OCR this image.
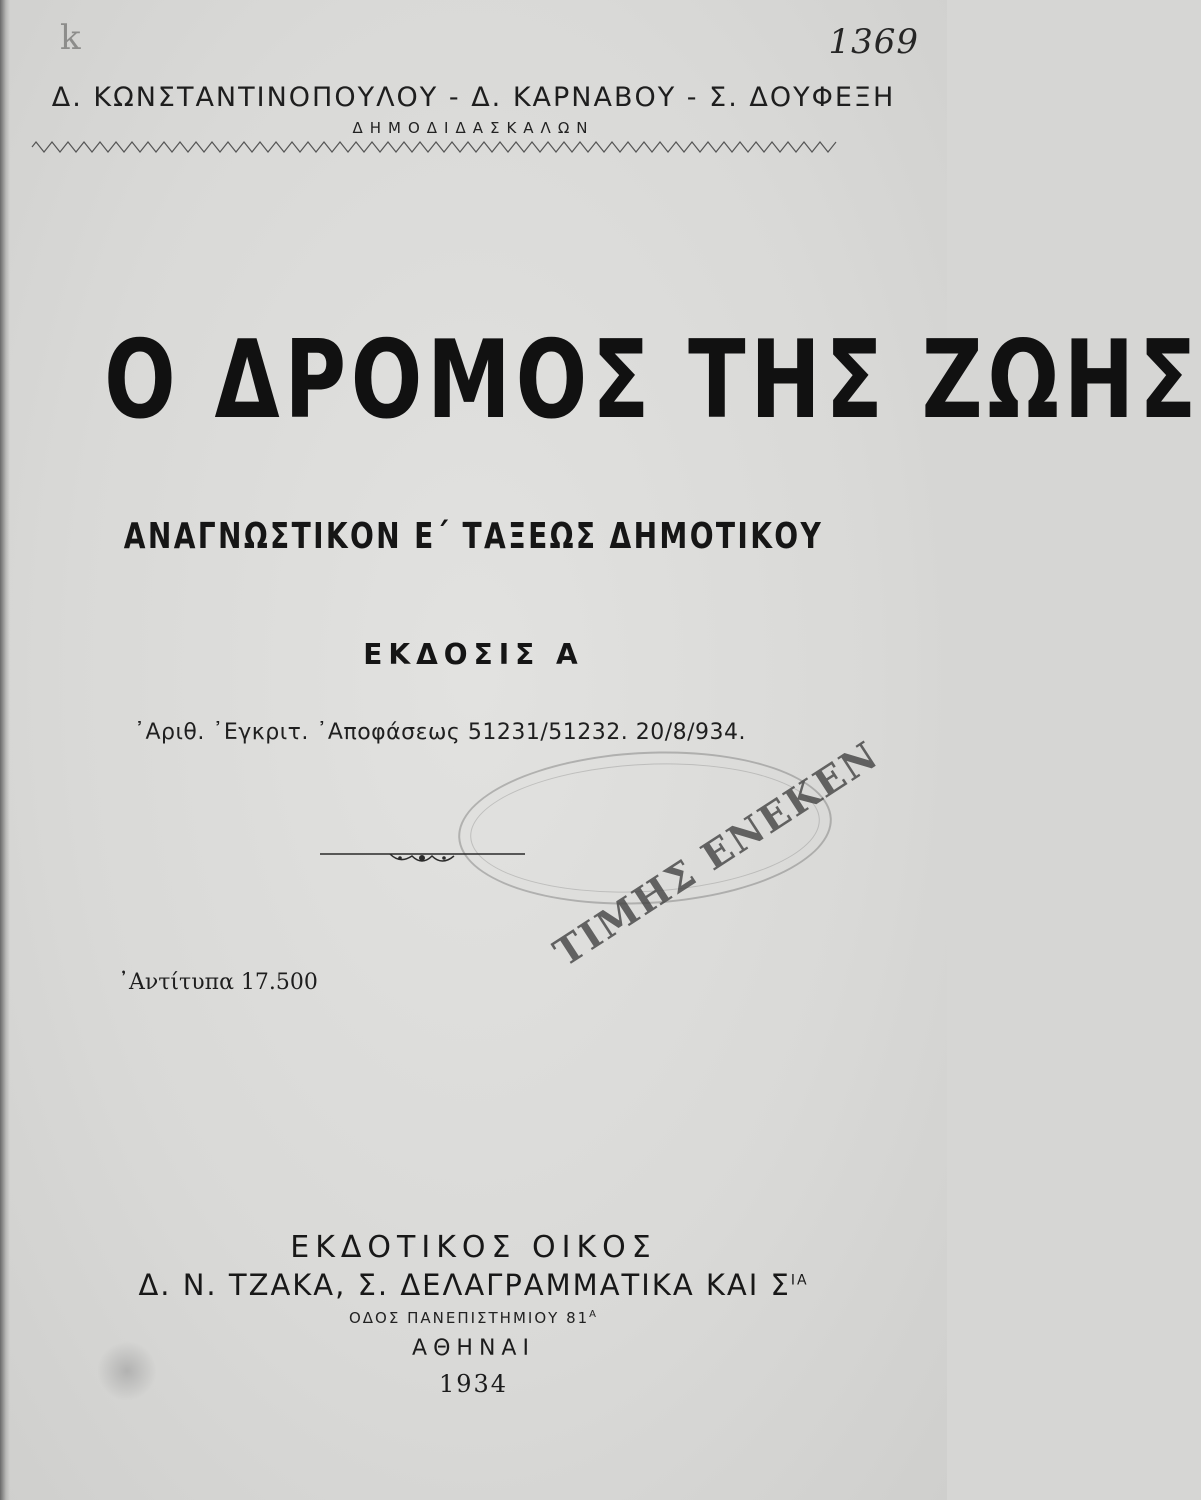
k	1369
Δ. ΚΩΝΣΤΑΝΤΙΝΟΠΟΥΛΟΥ - Δ. ΚΑΡΝΑΒΟΥ - Σ. ΔΟΥΦΕΞΗ
ΔΗΜΟΔΙΔΑΣΚΑΛΩΝ
Ο ΔΡΟΜΟΣ ΤΗΣ ΖΩΗΣ
ΑΝΑΓΝΩΣΤΙΚΟΝ Ε΄ ΤΑΞΕΩΣ ΔΗΜΟΤΙΚΟΥ
ΕΚΔΟΣΙΣ Α
᾿Αριθ. ᾿Εγκριτ. ᾿Αποφάσεως 51231/51232. 20/8/934.
᾿Αντίτυπα 17.500
ΤΙΜΗΣ ΕΝΕΚΕΝ
ΕΚΔΟΤΙΚΟΣ ΟΙΚΟΣ
Δ. Ν. ΤΖΑΚΑ, Σ. ΔΕΛΑΓΡΑΜΜΑΤΙΚΑ ΚΑΙ $\Sigma^{IA}$
ΟΔΟΣ ΠΑΝΕΠΙΣΤΗΜΙΟΥ $81^A$
ΑΘΗΝΑΙ
1934
